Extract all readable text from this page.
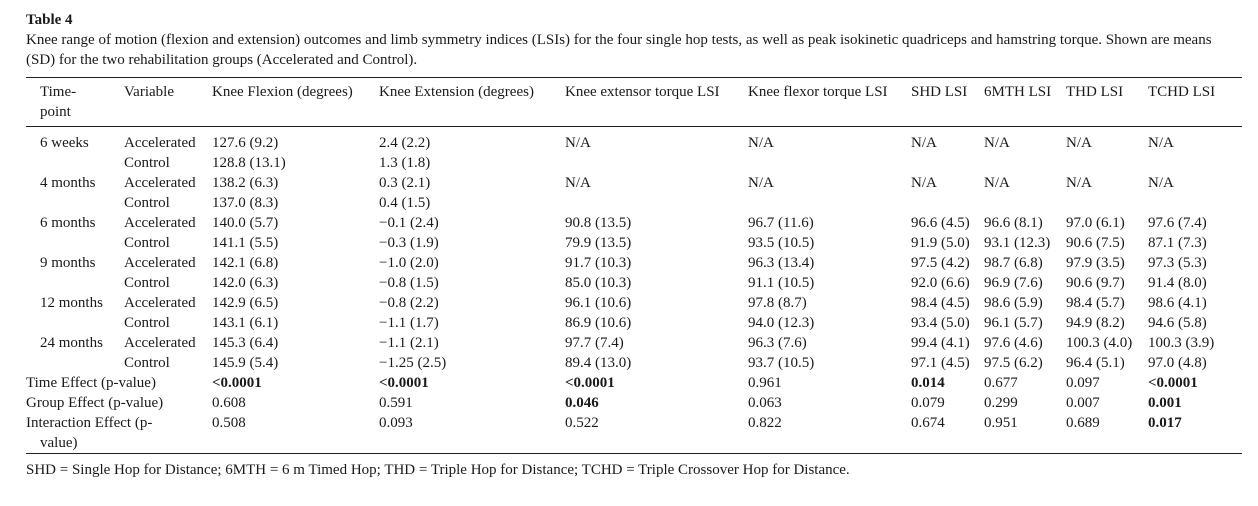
Table 4
Knee range of motion (flexion and extension) outcomes and limb symmetry indices (LSIs) for the four single hop tests, as well as peak isokinetic quadriceps and hamstring torque. Shown are means (SD) for the two rehabilitation groups (Accelerated and Control).
Time-
point	Variable	Knee Flexion (degrees)	Knee Extension (degrees)	Knee extensor torque LSI	Knee flexor torque LSI	SHD LSI	6MTH LSI	THD LSI	TCHD LSI
6 weeks	Accelerated	127.6 (9.2)	2.4 (2.2)	N/A	N/A	N/A	N/A	N/A	N/A
	Control	128.8 (13.1)	1.3 (1.8)						
4 months	Accelerated	138.2 (6.3)	0.3 (2.1)	N/A	N/A	N/A	N/A	N/A	N/A
	Control	137.0 (8.3)	0.4 (1.5)						
6 months	Accelerated	140.0 (5.7)	−0.1 (2.4)	90.8 (13.5)	96.7 (11.6)	96.6 (4.5)	96.6 (8.1)	97.0 (6.1)	97.6 (7.4)
	Control	141.1 (5.5)	−0.3 (1.9)	79.9 (13.5)	93.5 (10.5)	91.9 (5.0)	93.1 (12.3)	90.6 (7.5)	87.1 (7.3)
9 months	Accelerated	142.1 (6.8)	−1.0 (2.0)	91.7 (10.3)	96.3 (13.4)	97.5 (4.2)	98.7 (6.8)	97.9 (3.5)	97.3 (5.3)
	Control	142.0 (6.3)	−0.8 (1.5)	85.0 (10.3)	91.1 (10.5)	92.0 (6.6)	96.9 (7.6)	90.6 (9.7)	91.4 (8.0)
12 months	Accelerated	142.9 (6.5)	−0.8 (2.2)	96.1 (10.6)	97.8 (8.7)	98.4 (4.5)	98.6 (5.9)	98.4 (5.7)	98.6 (4.1)
	Control	143.1 (6.1)	−1.1 (1.7)	86.9 (10.6)	94.0 (12.3)	93.4 (5.0)	96.1 (5.7)	94.9 (8.2)	94.6 (5.8)
24 months	Accelerated	145.3 (6.4)	−1.1 (2.1)	97.7 (7.4)	96.3 (7.6)	99.4 (4.1)	97.6 (4.6)	100.3 (4.0)	100.3 (3.9)
	Control	145.9 (5.4)	−1.25 (2.5)	89.4 (13.0)	93.7 (10.5)	97.1 (4.5)	97.5 (6.2)	96.4 (5.1)	97.0 (4.8)
Time Effect (p-value)		<0.0001	<0.0001	<0.0001	0.961	0.014	0.677	0.097	<0.0001
Group Effect (p-value)		0.608	0.591	0.046	0.063	0.079	0.299	0.007	0.001
Interaction Effect (p-
value)		0.508	0.093	0.522	0.822	0.674	0.951	0.689	0.017
SHD = Single Hop for Distance; 6MTH = 6 m Timed Hop; THD = Triple Hop for Distance; TCHD = Triple Crossover Hop for Distance.
